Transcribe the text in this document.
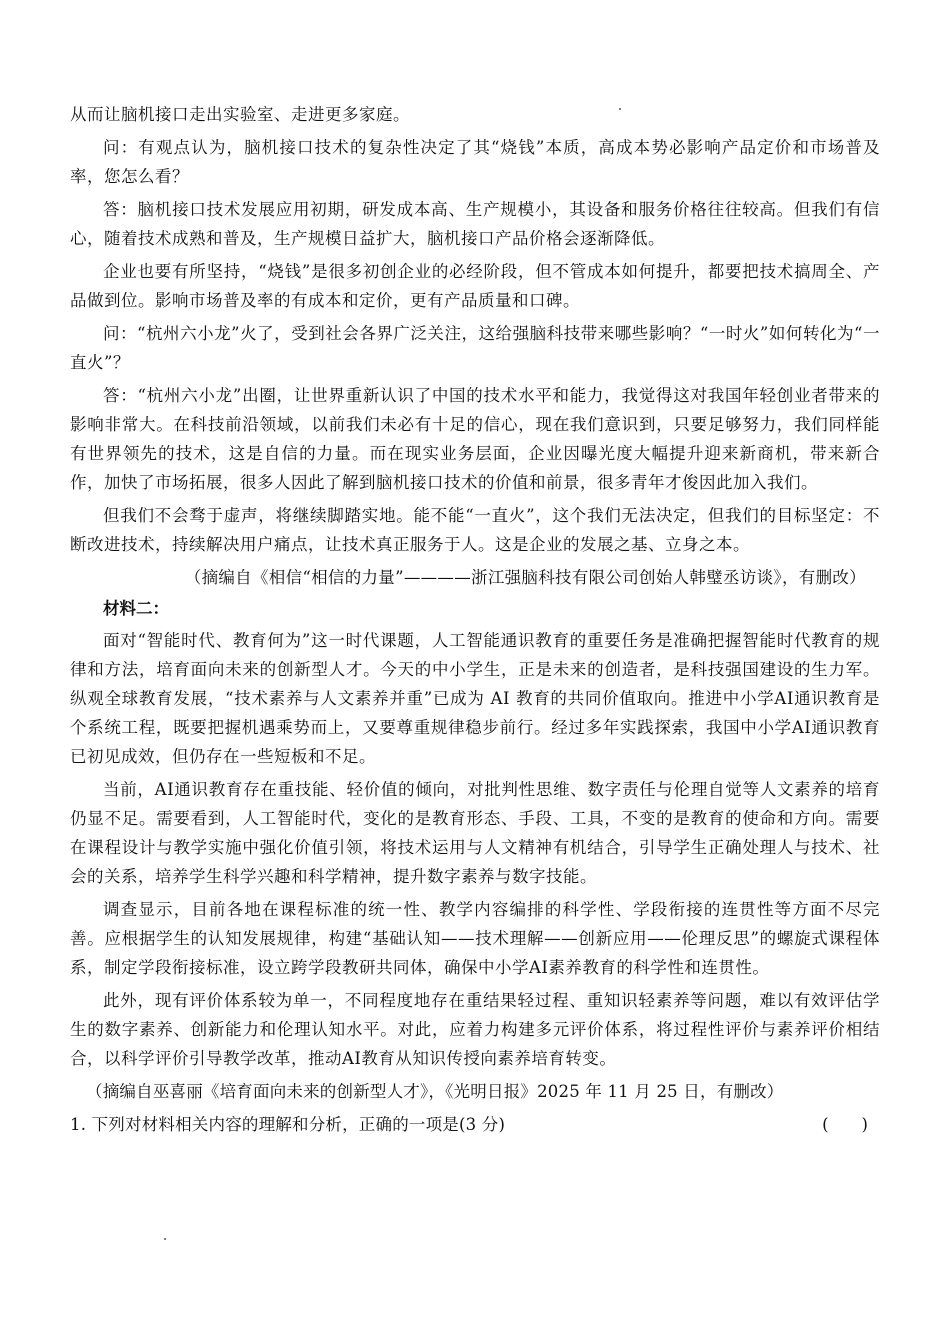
从而让脑机接口走出实验室、走进更多家庭。

问：有观点认为，脑机接口技术的复杂性决定了其“烧钱”本质，高成本势必影响产品定价和市场普及率，您怎么看？

答：脑机接口技术发展应用初期，研发成本高、生产规模小，其设备和服务价格往往较高。但我们有信心，随着技术成熟和普及，生产规模日益扩大，脑机接口产品价格会逐渐降低。

企业也要有所坚持，“烧钱”是很多初创企业的必经阶段，但不管成本如何提升，都要把技术搞周全、产品做到位。影响市场普及率的有成本和定价，更有产品质量和口碑。

问：“杭州六小龙”火了，受到社会各界广泛关注，这给强脑科技带来哪些影响？“一时火”如何转化为“一直火”？

答：“杭州六小龙”出圈，让世界重新认识了中国的技术水平和能力，我觉得这对我国年轻创业者带来的影响非常大。在科技前沿领域，以前我们未必有十足的信心，现在我们意识到，只要足够努力，我们同样能有世界领先的技术，这是自信的力量。而在现实业务层面，企业因曝光度大幅提升迎来新商机，带来新合作，加快了市场拓展，很多人因此了解到脑机接口技术的价值和前景，很多青年才俊因此加入我们。

但我们不会骛于虚声，将继续脚踏实地。能不能“一直火”，这个我们无法决定，但我们的目标坚定：不断改进技术，持续解决用户痛点，让技术真正服务于人。这是企业的发展之基、立身之本。

（摘编自《相信“相信的力量”————浙江强脑科技有限公司创始人韩璧丞访谈》，有删改）

材料二：

面对“智能时代、教育何为”这一时代课题，人工智能通识教育的重要任务是准确把握智能时代教育的规律和方法，培育面向未来的创新型人才。今天的中小学生，正是未来的创造者，是科技强国建设的生力军。纵观全球教育发展，“技术素养与人文素养并重”已成为 AI 教育的共同价值取向。推进中小学AI通识教育是个系统工程，既要把握机遇乘势而上，又要尊重规律稳步前行。经过多年实践探索，我国中小学AI通识教育已初见成效，但仍存在一些短板和不足。

当前，AI通识教育存在重技能、轻价值的倾向，对批判性思维、数字责任与伦理自觉等人文素养的培育仍显不足。需要看到，人工智能时代，变化的是教育形态、手段、工具，不变的是教育的使命和方向。需要在课程设计与教学实施中强化价值引领，将技术运用与人文精神有机结合，引导学生正确处理人与技术、社会的关系，培养学生科学兴趣和科学精神，提升数字素养与数字技能。

调查显示，目前各地在课程标准的统一性、教学内容编排的科学性、学段衔接的连贯性等方面不尽完善。应根据学生的认知发展规律，构建“基础认知——技术理解——创新应用——伦理反思”的螺旋式课程体系，制定学段衔接标准，设立跨学段教研共同体，确保中小学AI素养教育的科学性和连贯性。

此外，现有评价体系较为单一，不同程度地存在重结果轻过程、重知识轻素养等问题，难以有效评估学生的数字素养、创新能力和伦理认知水平。对此，应着力构建多元评价体系，将过程性评价与素养评价相结合，以科学评价引导教学改革，推动AI教育从知识传授向素养培育转变。

（摘编自巫喜丽《培育面向未来的创新型人才》，《光明日报》2025 年 11 月 25 日，有删改）

1. 下列对材料相关内容的理解和分析，正确的一项是(3 分)	(　　)
